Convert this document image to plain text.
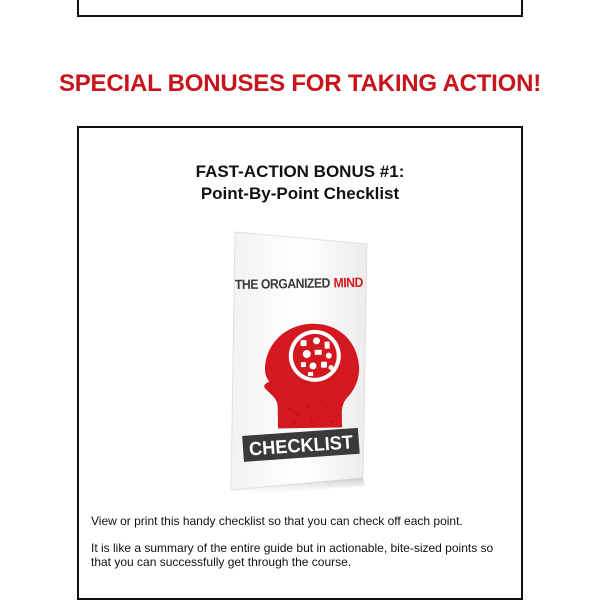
SPECIAL BONUSES FOR TAKING ACTION!
FAST-ACTION BONUS #1:
Point-By-Point Checklist
THE ORGANIZEDMIND
CHECKLIST

View or print this handy checklist so that you can check off each point.

It is like a summary of the entire guide but in actionable, bite-sized points so that you can successfully get through the course.
